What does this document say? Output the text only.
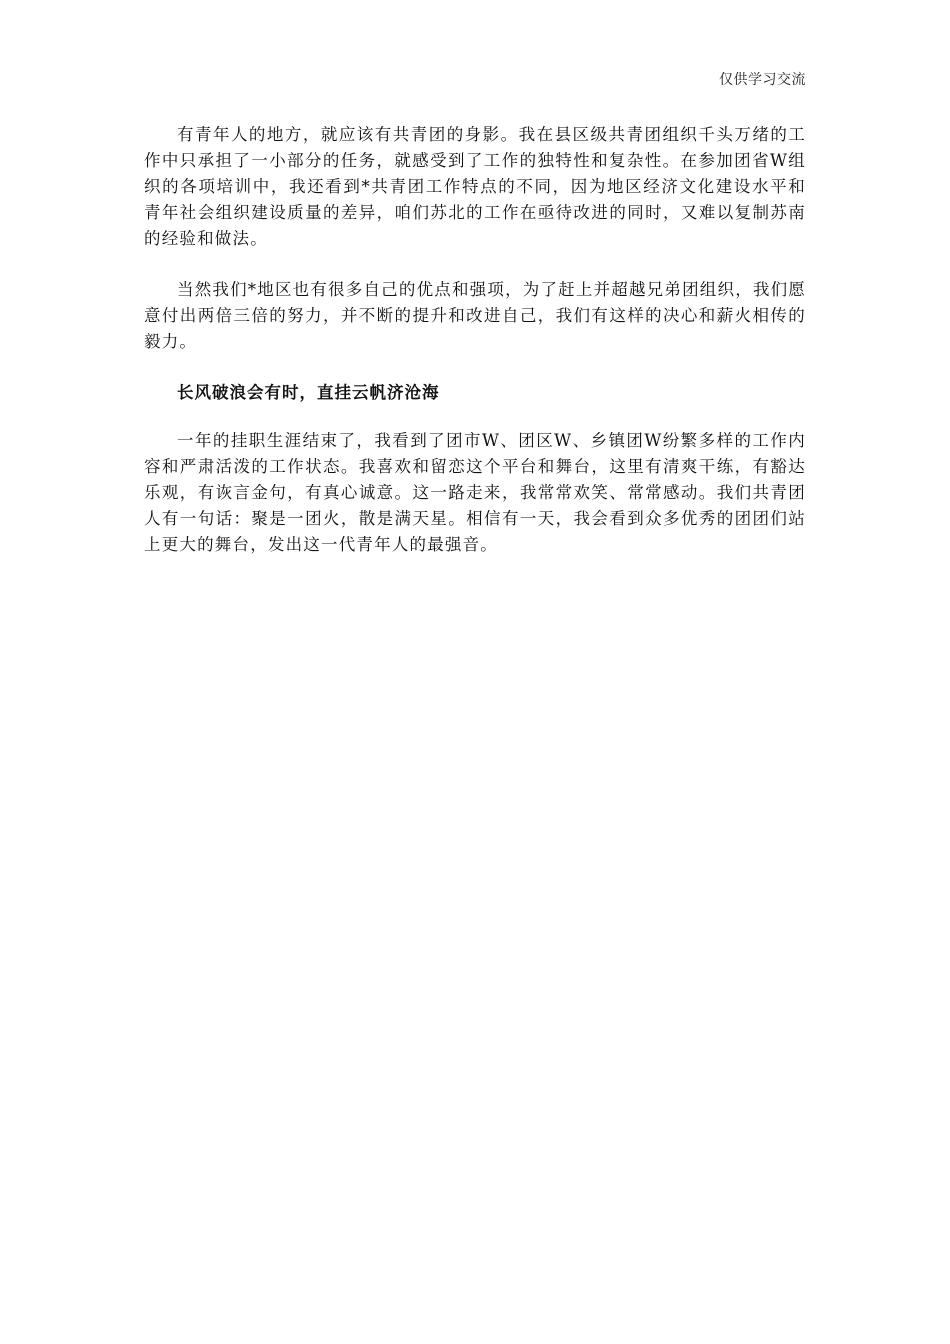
仅供学习交流

有青年人的地方，就应该有共青团的身影。我在县区级共青团组织千头万绪的工作中只承担了一小部分的任务，就感受到了工作的独特性和复杂性。在参加团省W组织的各项培训中，我还看到*共青团工作特点的不同，因为地区经济文化建设水平和青年社会组织建设质量的差异，咱们苏北的工作在亟待改进的同时，又难以复制苏南的经验和做法。

当然我们*地区也有很多自己的优点和强项，为了赶上并超越兄弟团组织，我们愿意付出两倍三倍的努力，并不断的提升和改进自己，我们有这样的决心和薪火相传的毅力。

长风破浪会有时，直挂云帆济沧海

一年的挂职生涯结束了，我看到了团市W、团区W、乡镇团W纷繁多样的工作内容和严肃活泼的工作状态。我喜欢和留恋这个平台和舞台，这里有清爽干练，有豁达乐观，有诙言金句，有真心诚意。这一路走来，我常常欢笑、常常感动。我们共青团人有一句话：聚是一团火，散是满天星。相信有一天，我会看到众多优秀的团团们站上更大的舞台，发出这一代青年人的最强音。
